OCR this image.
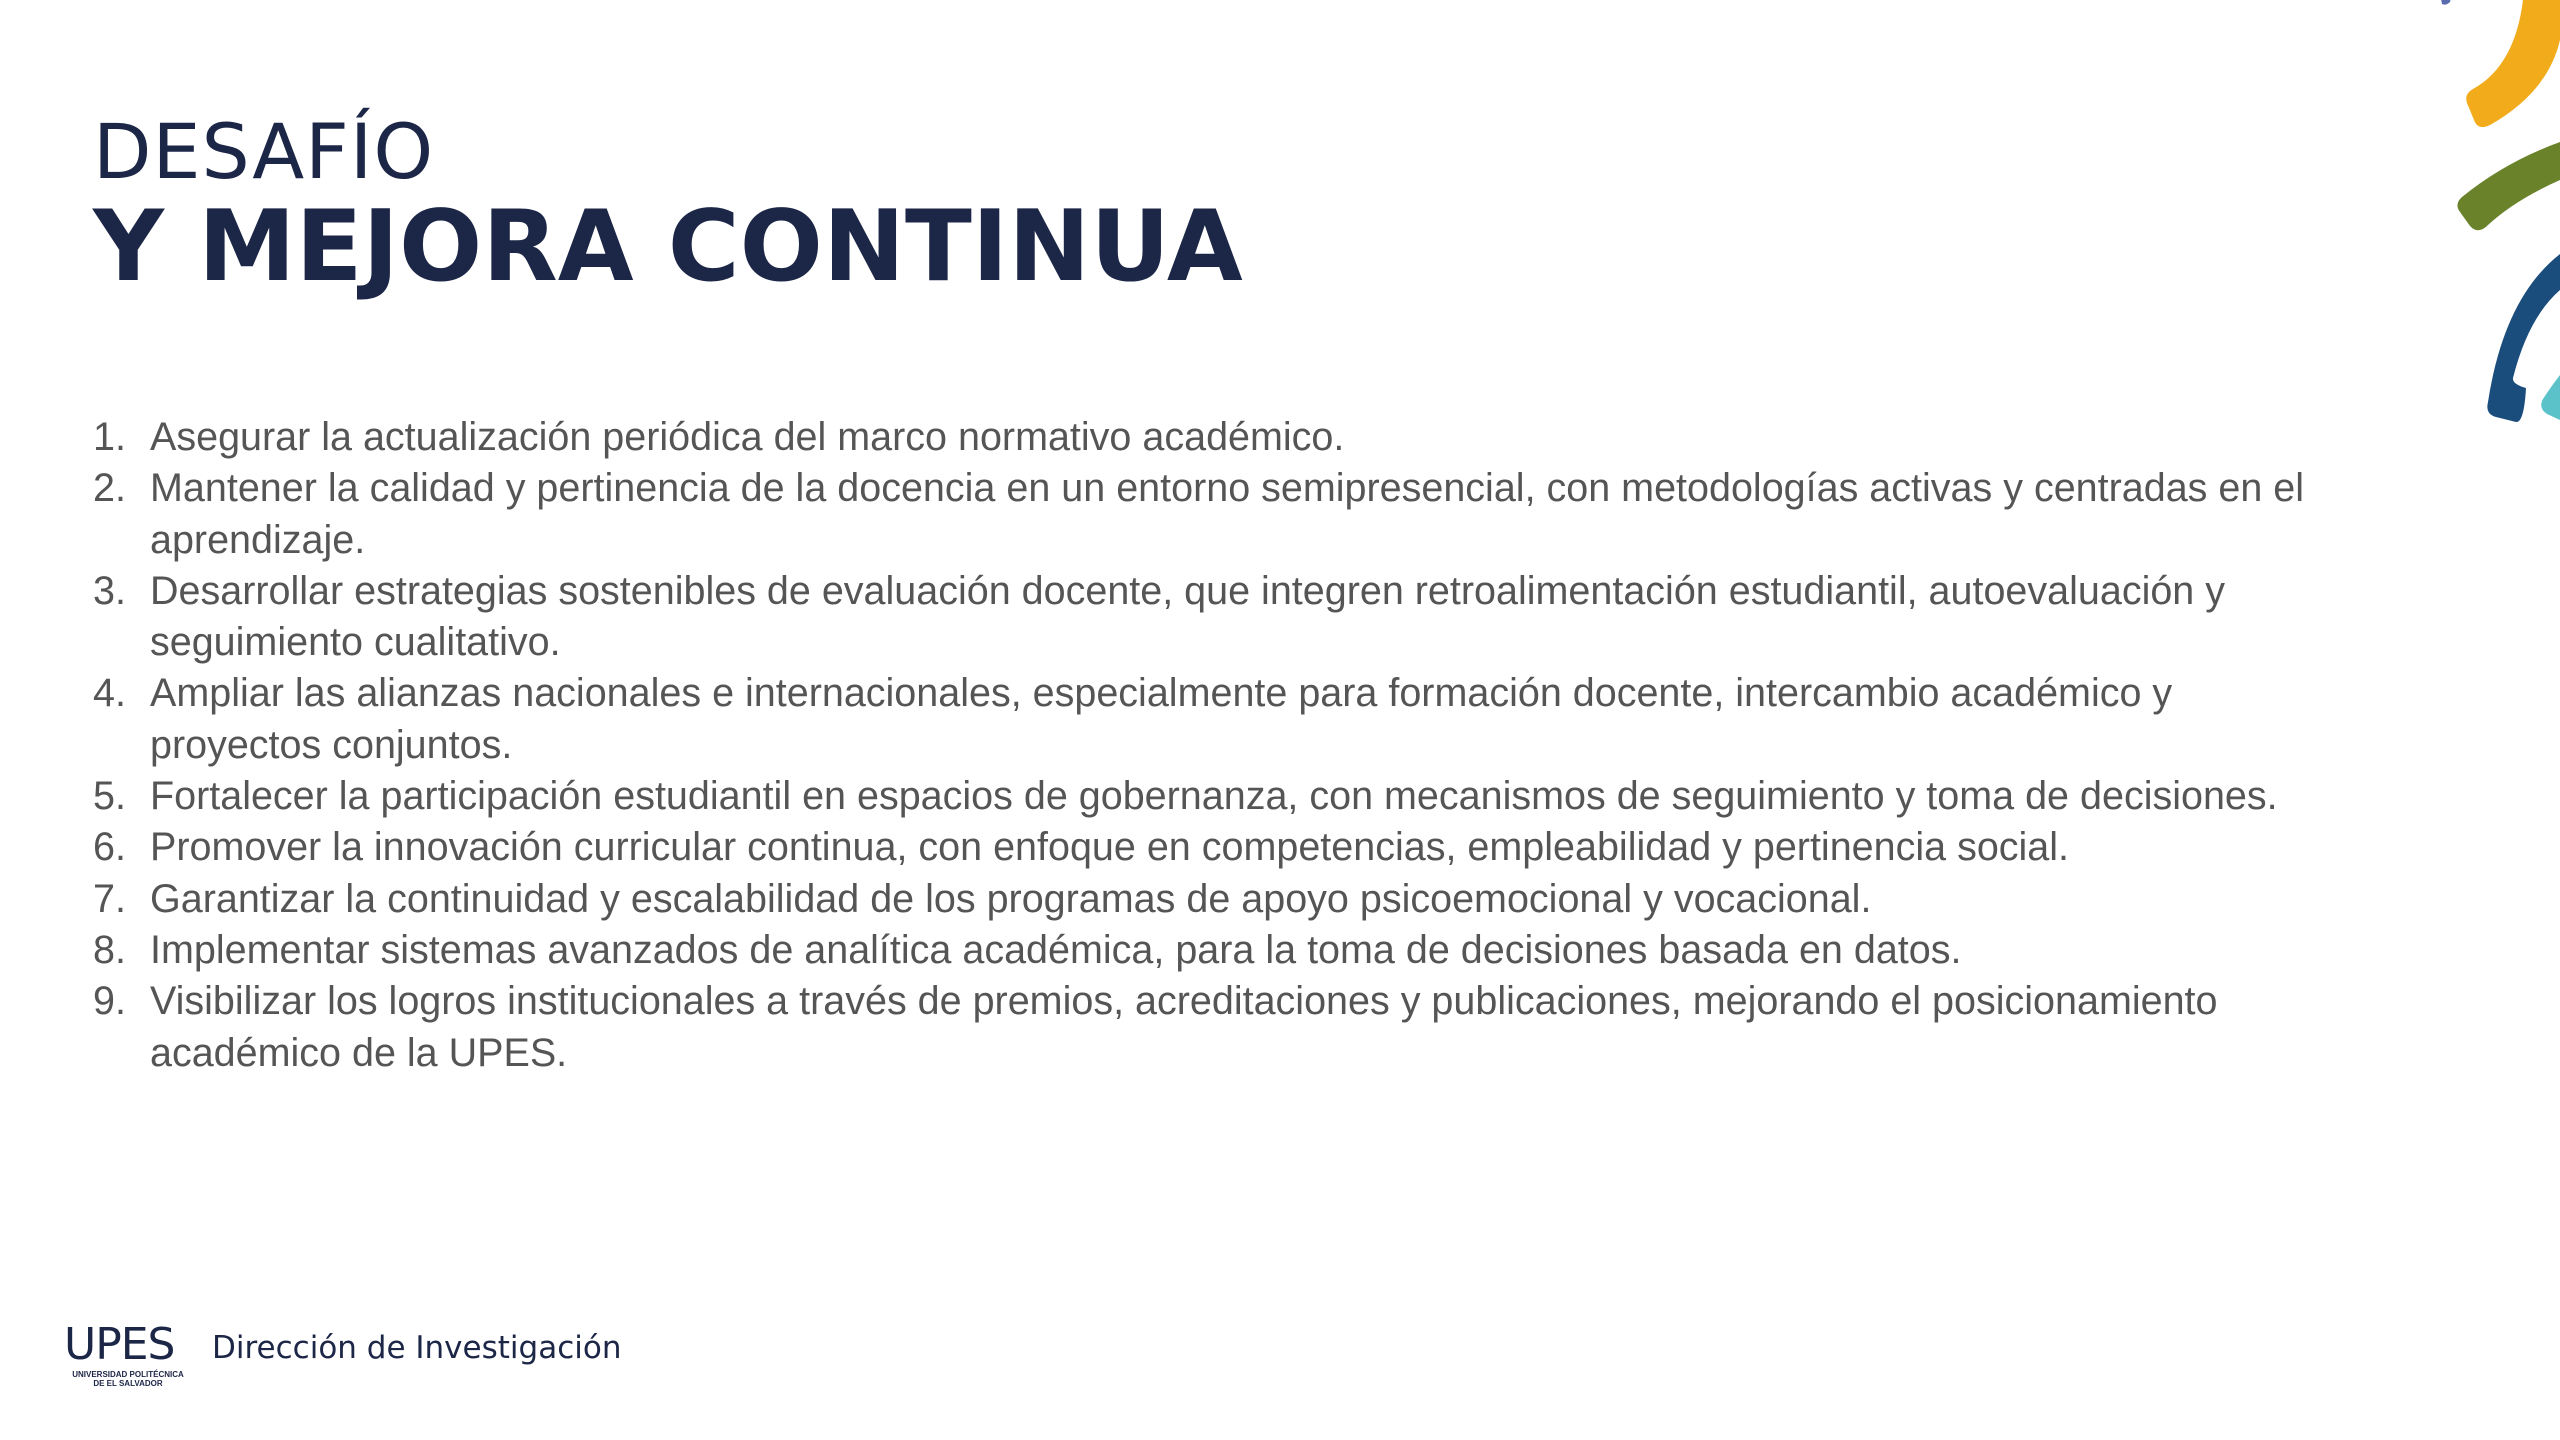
DESAFÍO
Y MEJORA CONTINUA
1. Asegurar la actualización periódica del marco normativo académico.
2. Mantener la calidad y pertinencia de la docencia en un entorno semipresencial, con metodologías activas y centradas en el aprendizaje.
3. Desarrollar estrategias sostenibles de evaluación docente, que integren retroalimentación estudiantil, autoevaluación y seguimiento cualitativo.
4. Ampliar las alianzas nacionales e internacionales, especialmente para formación docente, intercambio académico y proyectos conjuntos.
5. Fortalecer la participación estudiantil en espacios de gobernanza, con mecanismos de seguimiento y toma de decisiones.
6. Promover la innovación curricular continua, con enfoque en competencias, empleabilidad y pertinencia social.
7. Garantizar la continuidad y escalabilidad de los programas de apoyo psicoemocional y vocacional.
8. Implementar sistemas avanzados de analítica académica, para la toma de decisiones basada en datos.
9. Visibilizar los logros institucionales a través de premios, acreditaciones y publicaciones, mejorando el posicionamiento académico de la UPES.
UPES
UNIVERSIDAD POLITÉCNICA
DE EL SALVADOR
Dirección de Investigación
